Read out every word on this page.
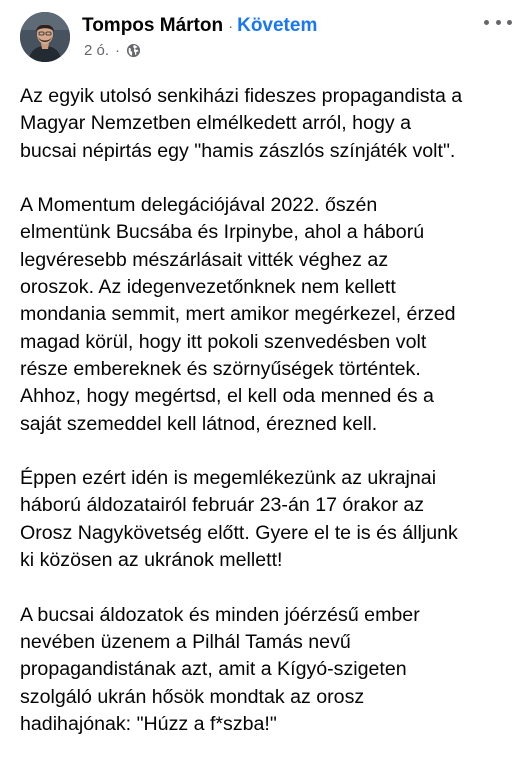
Tompos Márton · Követem
2 ó. ·

Az egyik utolsó senkiházi fideszes propagandista a
Magyar Nemzetben elmélkedett arról, hogy a
bucsai népirtás egy "hamis zászlós színjáték volt".

A Momentum delegációjával 2022. őszén
elmentünk Bucsába és Irpinybe, ahol a háború
legvéresebb mészárlásait vitték véghez az
oroszok. Az idegenvezetőnknek nem kellett
mondania semmit, mert amikor megérkezel, érzed
magad körül, hogy itt pokoli szenvedésben volt
része embereknek és szörnyűségek történtek.
Ahhoz, hogy megértsd, el kell oda menned és a
saját szemeddel kell látnod, érezned kell.

Éppen ezért idén is megemlékezünk az ukrajnai
háború áldozatairól február 23-án 17 órakor az
Orosz Nagykövetség előtt. Gyere el te is és álljunk
ki közösen az ukránok mellett!

A bucsai áldozatok és minden jóérzésű ember
nevében üzenem a Pilhál Tamás nevű
propagandistának azt, amit a Kígyó-szigeten
szolgáló ukrán hősök mondtak az orosz
hadihajónak: "Húzz a f*szba!"
